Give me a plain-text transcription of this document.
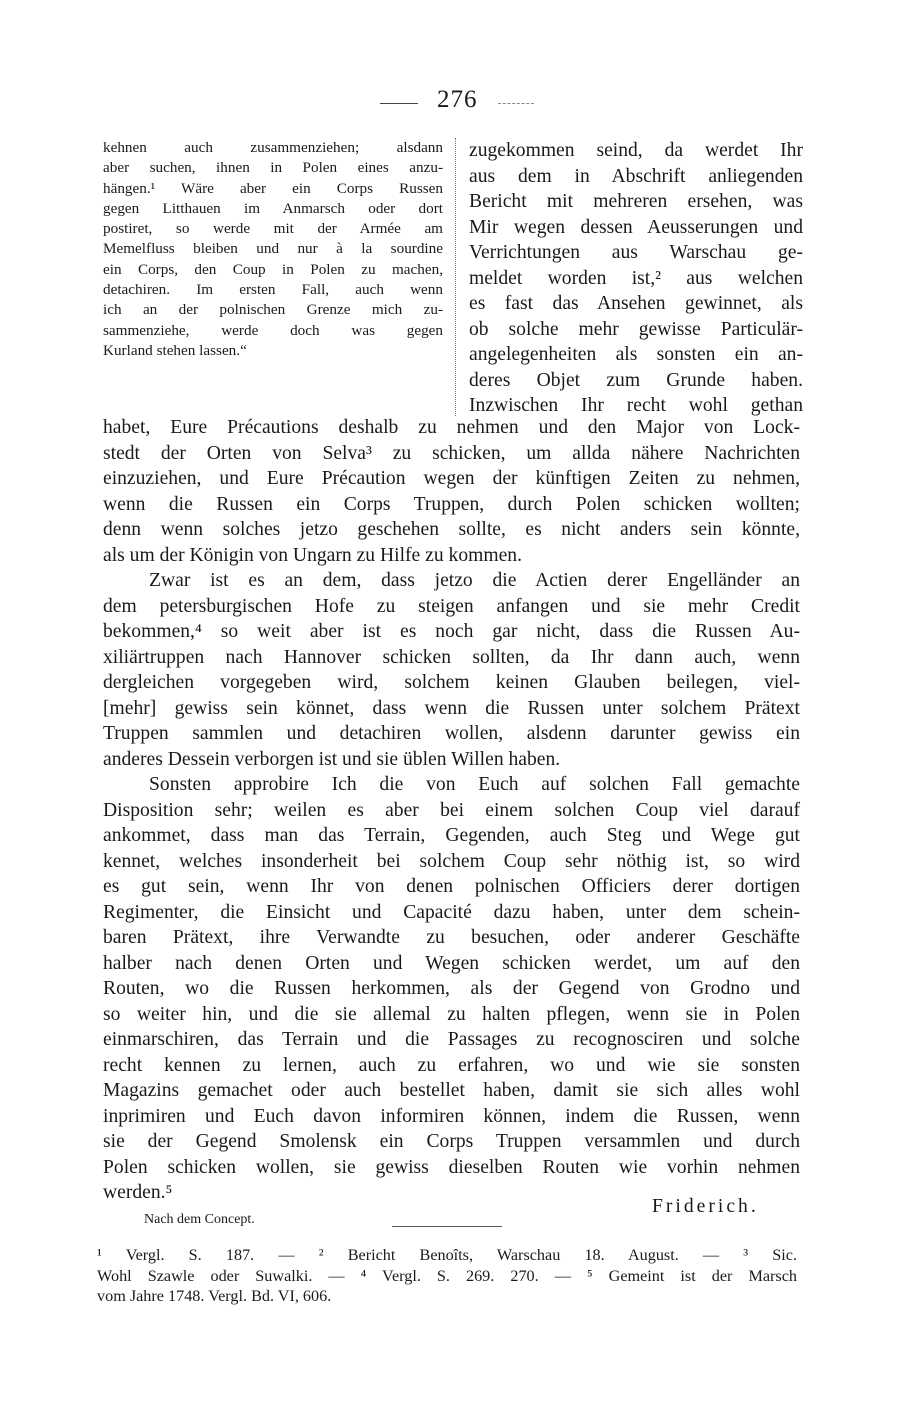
276
kehnen auch zusammenziehen; alsdann
aber suchen, ihnen in Polen eines anzu-
hängen.¹ Wäre aber ein Corps Russen
gegen Litthauen im Anmarsch oder dort
postiret, so werde mit der Armée am
Memelfluss bleiben und nur à la sourdine
ein Corps, den Coup in Polen zu machen,
detachiren. Im ersten Fall, auch wenn
ich an der polnischen Grenze mich zu-
sammenziehe, werde doch was gegen
Kurland stehen lassen.“
zugekommen seind, da werdet Ihr
aus dem in Abschrift anliegenden
Bericht mit mehreren ersehen, was
Mir wegen dessen Aeusserungen und
Verrichtungen aus Warschau ge-
meldet worden ist,² aus welchen
es fast das Ansehen gewinnet, als
ob solche mehr gewisse Particulär-
angelegenheiten als sonsten ein an-
deres Objet zum Grunde haben.
Inzwischen Ihr recht wohl gethan
habet, Eure Précautions deshalb zu nehmen und den Major von Lock-
stedt der Orten von Selva³ zu schicken, um allda nähere Nachrichten
einzuziehen, und Eure Précaution wegen der künftigen Zeiten zu nehmen,
wenn die Russen ein Corps Truppen, durch Polen schicken wollten;
denn wenn solches jetzo geschehen sollte, es nicht anders sein könnte,
als um der Königin von Ungarn zu Hilfe zu kommen.
Zwar ist es an dem, dass jetzo die Actien derer Engelländer an
dem petersburgischen Hofe zu steigen anfangen und sie mehr Credit
bekommen,⁴ so weit aber ist es noch gar nicht, dass die Russen Au-
xiliärtruppen nach Hannover schicken sollten, da Ihr dann auch, wenn
dergleichen vorgegeben wird, solchem keinen Glauben beilegen, viel-
[mehr] gewiss sein könnet, dass wenn die Russen unter solchem Prätext
Truppen sammlen und detachiren wollen, alsdenn darunter gewiss ein
anderes Dessein verborgen ist und sie üblen Willen haben.
Sonsten approbire Ich die von Euch auf solchen Fall gemachte
Disposition sehr; weilen es aber bei einem solchen Coup viel darauf
ankommet, dass man das Terrain, Gegenden, auch Steg und Wege gut
kennet, welches insonderheit bei solchem Coup sehr nöthig ist, so wird
es gut sein, wenn Ihr von denen polnischen Officiers derer dortigen
Regimenter, die Einsicht und Capacité dazu haben, unter dem schein-
baren Prätext, ihre Verwandte zu besuchen, oder anderer Geschäfte
halber nach denen Orten und Wegen schicken werdet, um auf den
Routen, wo die Russen herkommen, als der Gegend von Grodno und
so weiter hin, und die sie allemal zu halten pflegen, wenn sie in Polen
einmarschiren, das Terrain und die Passages zu recognosciren und solche
recht kennen zu lernen, auch zu erfahren, wo und wie sie sonsten
Magazins gemachet oder auch bestellet haben, damit sie sich alles wohl
inprimiren und Euch davon informiren können, indem die Russen, wenn
sie der Gegend Smolensk ein Corps Truppen versammlen und durch
Polen schicken wollen, sie gewiss dieselben Routen wie vorhin nehmen
werden.⁵
Friderich.
Nach dem Concept.
¹ Vergl. S. 187. — ² Bericht Benoîts, Warschau 18. August. — ³ Sic.
Wohl Szawle oder Suwalki. — ⁴ Vergl. S. 269. 270. — ⁵ Gemeint ist der Marsch
vom Jahre 1748. Vergl. Bd. VI, 606.
